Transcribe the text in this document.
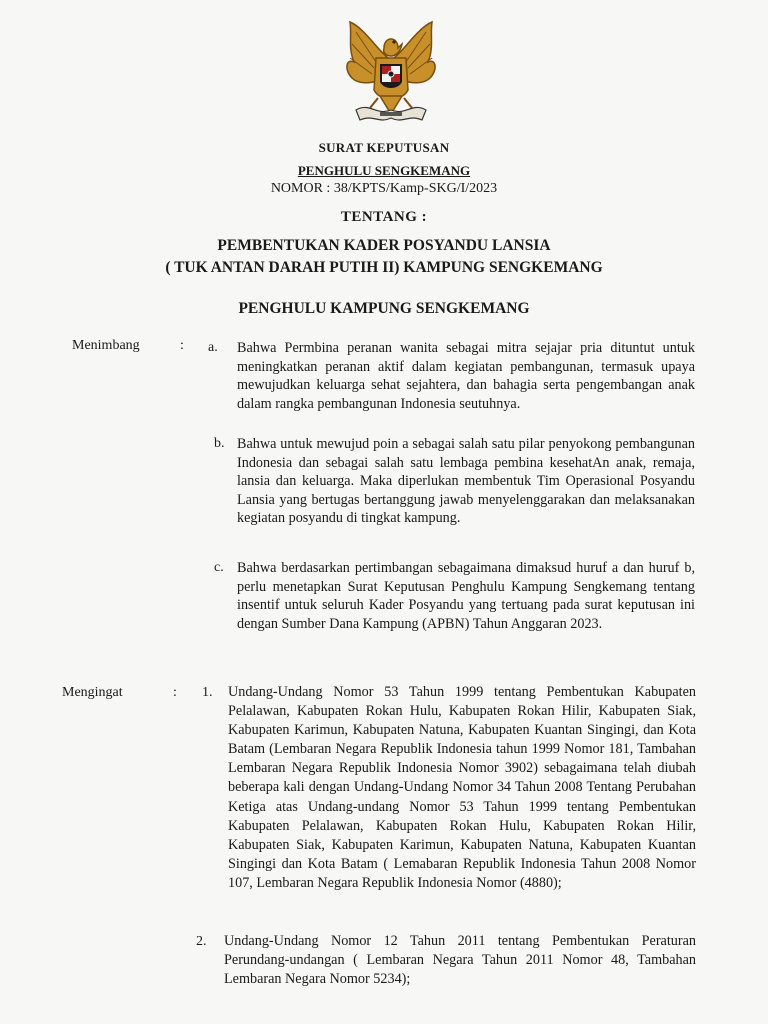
SURAT KEPUTUSAN
PENGHULU SENGKEMANG
NOMOR : 38/KPTS/Kamp-SKG/I/2023
TENTANG :
PEMBENTUKAN KADER POSYANDU LANSIA
( TUK ANTAN DARAH PUTIH II) KAMPUNG SENGKEMANG
PENGHULU KAMPUNG SENGKEMANG
Menimbang	: a. Bahwa Permbina peranan wanita sebagai mitra sejajar pria dituntut untuk meningkatkan peranan aktif dalam kegiatan pembangunan, termasuk upaya mewujudkan keluarga sehat sejahtera, dan bahagia serta pengembangan anak dalam rangka pembangunan Indonesia seutuhnya.
b. Bahwa untuk mewujud poin a sebagai salah satu pilar penyokong pembangunan Indonesia dan sebagai salah satu lembaga pembina kesehatAn anak, remaja, lansia dan keluarga. Maka diperlukan membentuk Tim Operasional Posyandu Lansia yang bertugas bertanggung jawab menyelenggarakan dan melaksanakan kegiatan posyandu di tingkat kampung.
c. Bahwa berdasarkan pertimbangan sebagaimana dimaksud huruf a dan huruf b, perlu menetapkan Surat Keputusan Penghulu Kampung Sengkemang tentang insentif untuk seluruh Kader Posyandu yang tertuang pada surat keputusan ini dengan Sumber Dana Kampung (APBN) Tahun Anggaran 2023.
Mengingat	: 1. Undang-Undang Nomor 53 Tahun 1999 tentang Pembentukan Kabupaten Pelalawan, Kabupaten Rokan Hulu, Kabupaten Rokan Hilir, Kabupaten Siak, Kabupaten Karimun, Kabupaten Natuna, Kabupaten Kuantan Singingi, dan Kota Batam (Lembaran Negara Republik Indonesia tahun 1999 Nomor 181, Tambahan Lembaran Negara Republik Indonesia Nomor 3902) sebagaimana telah diubah beberapa kali dengan Undang-Undang Nomor 34 Tahun 2008 Tentang Perubahan Ketiga atas Undang-undang Nomor 53 Tahun 1999 tentang Pembentukan Kabupaten Pelalawan, Kabupaten Rokan Hulu, Kabupaten Rokan Hilir, Kabupaten Siak, Kabupaten Karimun, Kabupaten Natuna, Kabupaten Kuantan Singingi dan Kota Batam ( Lemabaran Republik Indonesia Tahun 2008 Nomor 107, Lembaran Negara Republik Indonesia Nomor (4880);
2. Undang-Undang Nomor 12 Tahun 2011 tentang Pembentukan Peraturan Perundang-undangan ( Lembaran Negara Tahun 2011 Nomor 48, Tambahan Lembaran Negara Nomor 5234);
